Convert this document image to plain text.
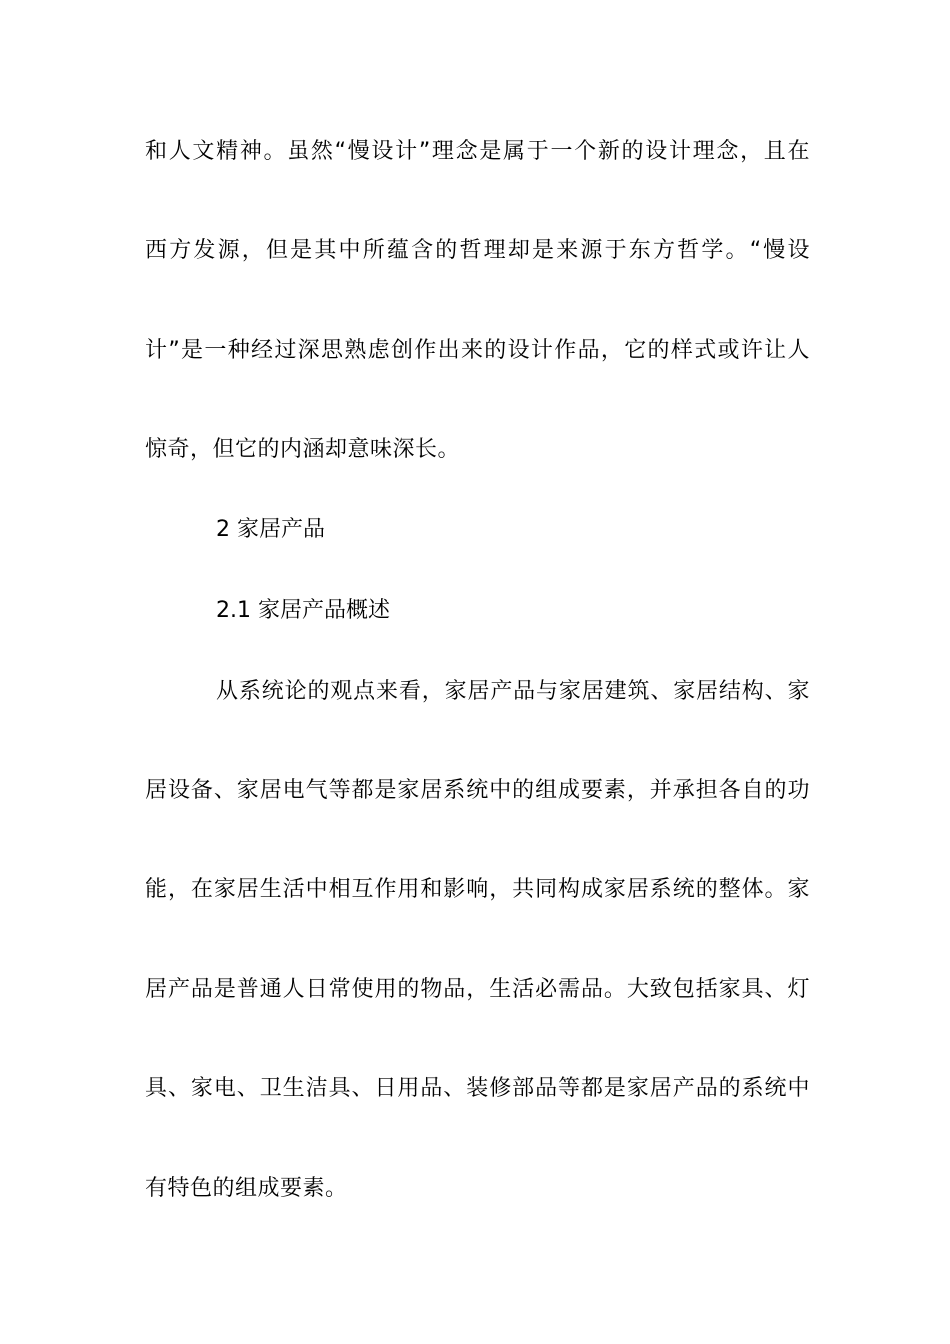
和人文精神。虽然“慢设计”理念是属于一个新的设计理念，且在
西方发源，但是其中所蕴含的哲理却是来源于东方哲学。“慢设
计”是一种经过深思熟虑创作出来的设计作品，它的样式或许让人
惊奇，但它的内涵却意味深长。
2 家居产品
2.1 家居产品概述
从系统论的观点来看，家居产品与家居建筑、家居结构、家
居设备、家居电气等都是家居系统中的组成要素，并承担各自的功
能，在家居生活中相互作用和影响，共同构成家居系统的整体。家
居产品是普通人日常使用的物品，生活必需品。大致包括家具、灯
具、家电、卫生洁具、日用品、装修部品等都是家居产品的系统中
有特色的组成要素。
